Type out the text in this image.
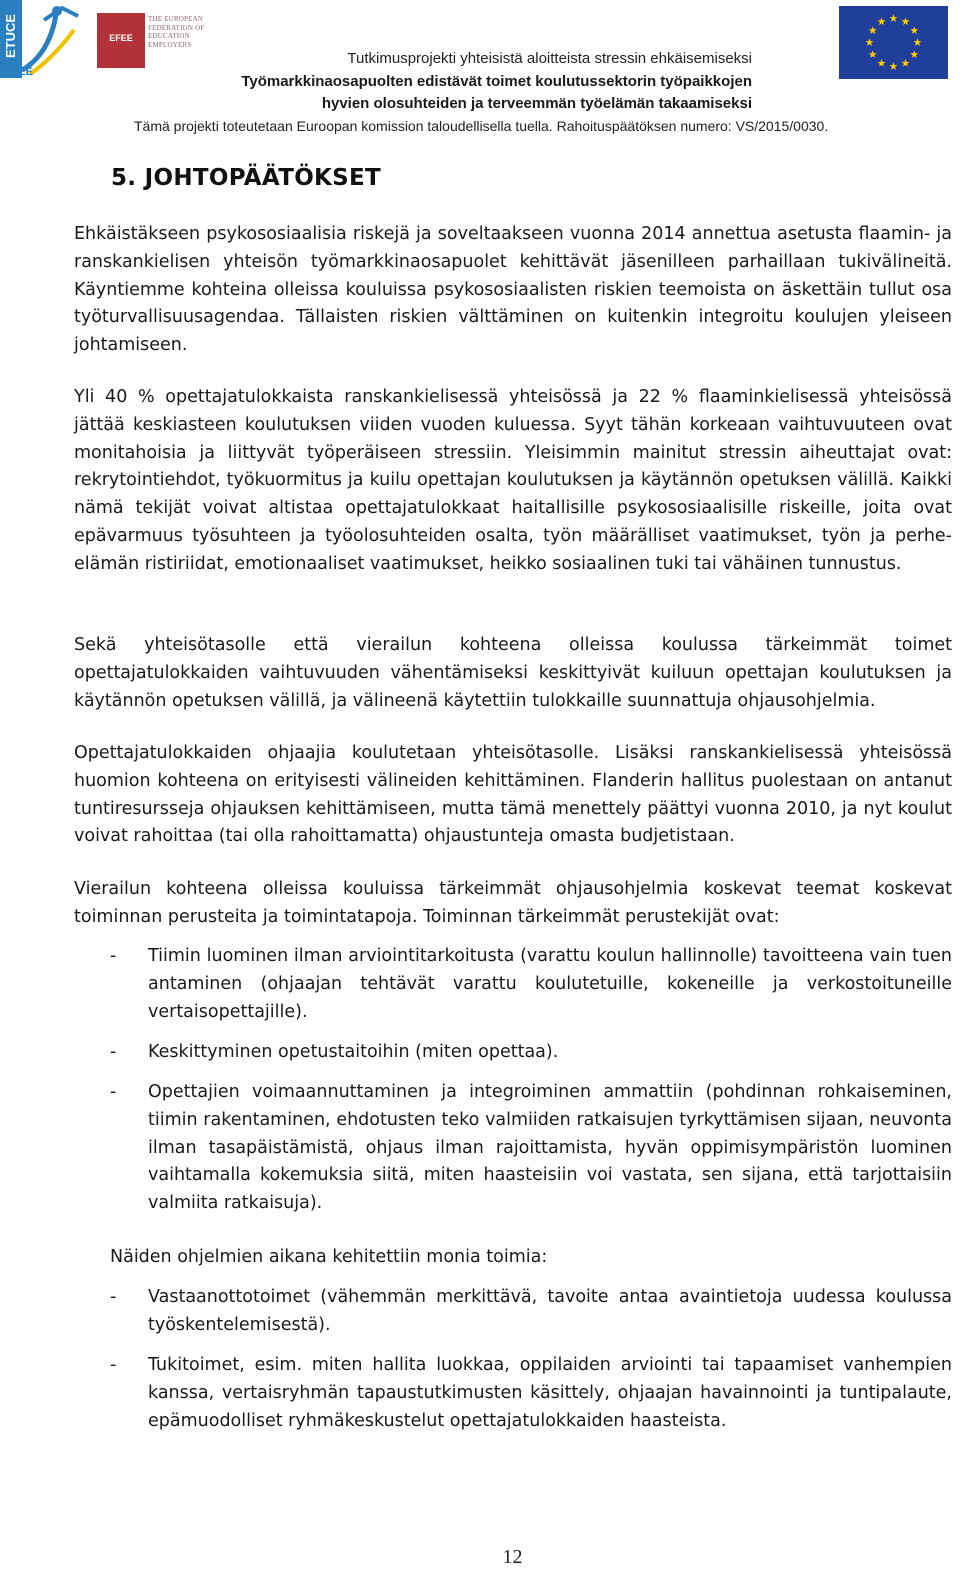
ETUCE
CSEE
EFEE
THE EUROPEAN FEDERATION OF EDUCATION EMPLOYERS
Tutkimusprojekti yhteisistä aloitteista stressin ehkäisemiseksi
Työmarkkinaosapuolten edistävät toimet koulutussektorin työpaikkojen
hyvien olosuhteiden ja terveemmän työelämän takaamiseksi
Tämä projekti toteutetaan Euroopan komission taloudellisella tuella. Rahoituspäätöksen numero: VS/2015/0030.
5. JOHTOPÄÄTÖKSET

Ehkäistäkseen psykososiaalisia riskejä ja soveltaakseen vuonna 2014 annettua asetusta flaamin- ja ranskankielisen yhteisön työmarkkinaosapuolet kehittävät jäsenilleen parhaillaan tukivälineitä. Käyntiemme kohteina olleissa kouluissa psykososiaalisten riskien teemoista on äskettäin tullut osa työturvallisuusagendaa. Tällaisten riskien välttäminen on kuitenkin integroitu koulujen yleiseen johtamiseen.

Yli 40 % opettajatulokkaista ranskankielisessä yhteisössä ja 22 % flaaminkielisessä yhteisössä jättää keskiasteen koulutuksen viiden vuoden kuluessa. Syyt tähän korkeaan vaihtuvuuteen ovat monitahoisia ja liittyvät työperäiseen stressiin. Yleisimmin mainitut stressin aiheuttajat ovat: rekrytointiehdot, työkuormitus ja kuilu opettajan koulutuksen ja käytännön opetuksen välillä. Kaikki nämä tekijät voivat altistaa opettajatulokkaat haitallisille psykososiaalisille riskeille, joita ovat epävarmuus työsuhteen ja työolosuhteiden osalta, työn määrälliset vaatimukset, työn ja perhe-elämän ristiriidat, emotionaaliset vaatimukset, heikko sosiaalinen tuki tai vähäinen tunnustus.

Sekä yhteisötasolle että vierailun kohteena olleissa koulussa tärkeimmät toimet opettajatulokkaiden vaihtuvuuden vähentämiseksi keskittyivät kuiluun opettajan koulutuksen ja käytännön opetuksen välillä, ja välineenä käytettiin tulokkaille suunnattuja ohjausohjelmia.

Opettajatulokkaiden ohjaajia koulutetaan yhteisötasolle. Lisäksi ranskankielisessä yhteisössä huomion kohteena on erityisesti välineiden kehittäminen. Flanderin hallitus puolestaan on antanut tuntiresursseja ohjauksen kehittämiseen, mutta tämä menettely päättyi vuonna 2010, ja nyt koulut voivat rahoittaa (tai olla rahoittamatta) ohjaustunteja omasta budjetistaan.

Vierailun kohteena olleissa kouluissa tärkeimmät ohjausohjelmia koskevat teemat koskevat toiminnan perusteita ja toimintatapoja. Toiminnan tärkeimmät perustekijät ovat:

- Tiimin luominen ilman arviointitarkoitusta (varattu koulun hallinnolle) tavoitteena vain tuen antaminen (ohjaajan tehtävät varattu koulutetuille, kokeneille ja verkostoituneille vertaisopettajille).
- Keskittyminen opetustaitoihin (miten opettaa).
- Opettajien voimaannuttaminen ja integroiminen ammattiin (pohdinnan rohkaiseminen, tiimin rakentaminen, ehdotusten teko valmiiden ratkaisujen tyrkyttämisen sijaan, neuvonta ilman tasapäistämistä, ohjaus ilman rajoittamista, hyvän oppimisympäristön luominen vaihtamalla kokemuksia siitä, miten haasteisiin voi vastata, sen sijana, että tarjottaisiin valmiita ratkaisuja).

Näiden ohjelmien aikana kehitettiin monia toimia:

- Vastaanottotoimet (vähemmän merkittävä, tavoite antaa avaintietoja uudessa koulussa työskentelemisestä).
- Tukitoimet, esim. miten hallita luokkaa, oppilaiden arviointi tai tapaamiset vanhempien kanssa, vertaisryhmän tapaustutkimusten käsittely, ohjaajan havainnointi ja tuntipalaute, epämuodolliset ryhmäkeskustelut opettajatulokkaiden haasteista.
12
